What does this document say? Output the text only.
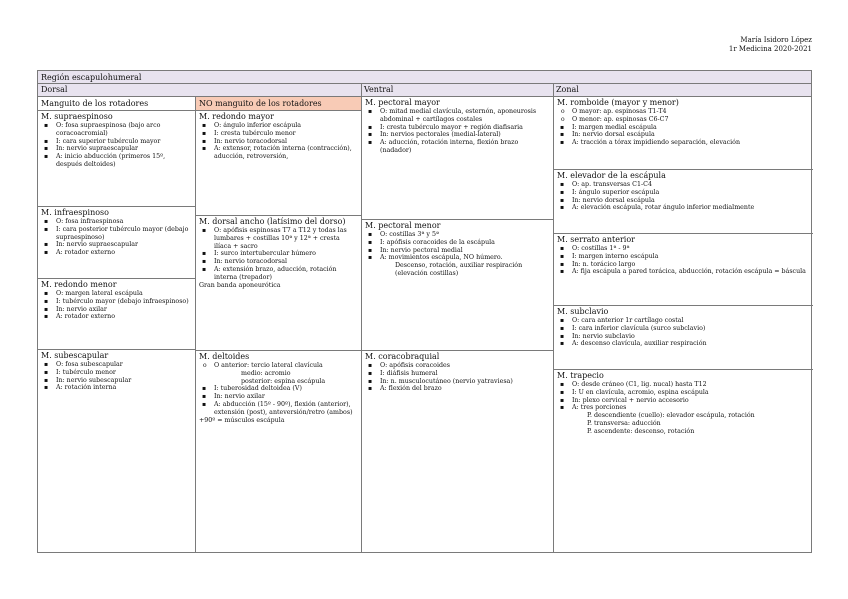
María Isidoro López
1r Medicina 2020-2021
Región escapulohumeral
Dorsal	Ventral	Zonal
Manguito de los rotadores	NO manguito de los rotadores
M. supraespinoso
▪ O: fosa supraespinosa (bajo arco coracoacromial)
▪ I: cara superior tubérculo mayor
▪ In: nervio supraescapular
▪ A: inicio abducción (primeros 15º, después deltoides)
M. infraespinoso
▪ O: fosa infraespinosa
▪ I: cara posterior tubérculo mayor (debajo supraespinoso)
▪ In: nervio supraescapular
▪ A: rotador externo
M. redondo menor
▪ O: margen lateral escápula
▪ I: tubérculo mayor (debajo infraespinoso)
▪ In: nervio axilar
▪ A: rotador externo
M. subescapular
▪ O: fosa subescapular
▪ I: tubérculo menor
▪ In: nervio subescapular
▪ A: rotación interna
M. redondo mayor
▪ O: ángulo inferior escápula
▪ I: cresta tubérculo menor
▪ In: nervio toracodorsal
▪ A: extensor, rotación interna (contracción), aducción, retroversión,
M. dorsal ancho (latísimo del dorso)
▪ O: apófisis espinosas T7 a T12 y todas las lumbares + costillas 10ª y 12ª + cresta ilíaca + sacro
▪ I: surco intertubercular húmero
▪ In: nervio toracodorsal
▪ A: extensión brazo, aducción, rotación interna (trepador)
Gran banda aponeurótica
M. deltoides
o O anterior: tercio lateral clavícula
medio: acromio
posterior: espina escápula
▪ I: tuberosidad deltoidea (V)
▪ In: nervio axilar
▪ A: abducción (15º - 90º), flexión (anterior), extensión (post), anteversión/retro (ambos)
+90º = músculos escápula
M. pectoral mayor
▪ O: mitad medial clavícula, esternón, aponeurosis abdominal + cartílagos costales
▪ I: cresta tubérculo mayor + región diafisaria
▪ In: nervios pectorales (medial-lateral)
▪ A: aducción, rotación interna, flexión brazo (nadador)
M. pectoral menor
▪ O: costillas 3ª y 5ª
▪ I: apófisis coracoides de la escápula
▪ In: nervio pectoral medial
▪ A: movimientos escápula, NO húmero.
Descenso, rotación, auxiliar respiración (elevación costillas)
M. coracobraquial
▪ O: apófisis coracoides
▪ I: diáfisis humeral
▪ In: n. musculocutáneo (nervio yatraviesa)
▪ A: flexión del brazo
M. romboide (mayor y menor)
o O mayor: ap. espinosas T1-T4
o O menor: ap. espinosas C6-C7
▪ I: margen medial escápula
▪ In: nervio dorsal escápula
▪ A: tracción a tórax impidiendo separación, elevación
M. elevador de la escápula
▪ O: ap. transversas C1-C4
▪ I: ángulo superior escápula
▪ In: nervio dorsal escápula
▪ A: elevación escápula, rotar ángulo inferior medialmente
M. serrato anterior
▪ O: costillas 1ª - 9ª
▪ I: margen interno escápula
▪ In: n. torácico largo
▪ A: fija escápula a pared torácica, abducción, rotación escápula = báscula
M. subclavio
▪ O: cara anterior 1r cartílago costal
▪ I: cara inferior clavícula (surco subclavio)
▪ In: nervio subclavio
▪ A: descenso clavícula, auxiliar respiración
M. trapecio
▪ O: desde cráneo (C1, lig. nucal) hasta T12
▪ I: U en clavícula, acromio, espina escápula
▪ In: plexo cervical + nervio accesorio
▪ A: tres porciones
P. descendiente (cuello): elevador escápula, rotación
P. transversa: aducción
P. ascendente: descenso, rotación
